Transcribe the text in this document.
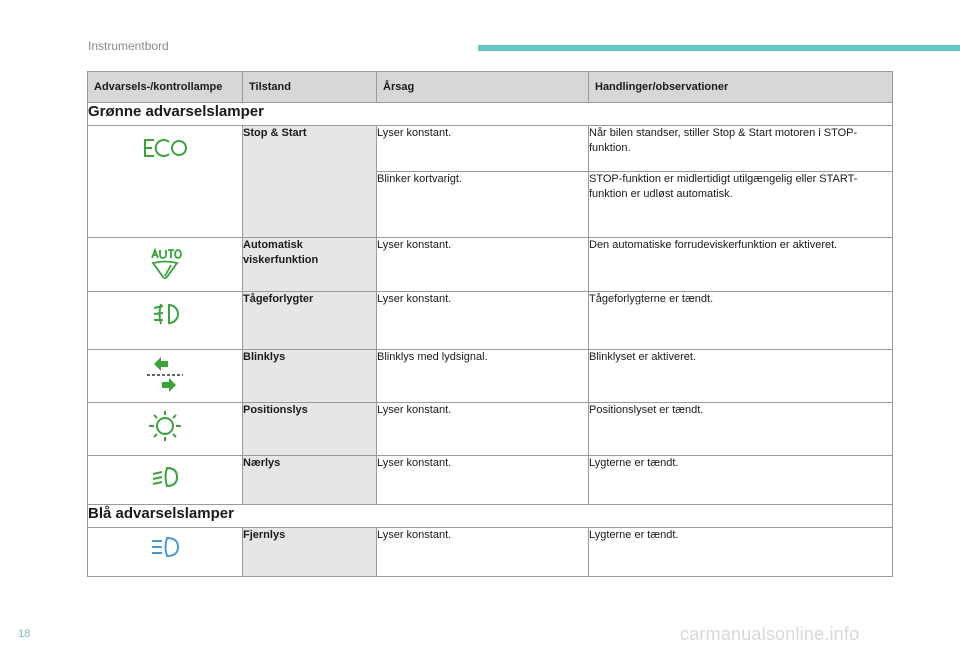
Instrumentbord
Advarsels-/kontrollampe	Tilstand	Årsag	Handlinger/observationer	
Grønne advarselslamper				
	Stop & Start	Lyser konstant.	Når bilen standser, stiller Stop & Start motoren i STOP-funktion.	
		Blinker kortvarigt.	STOP-funktion er midlertidigt utilgængelig eller START-funktion er udløst automatisk.	
	Automatisk viskerfunktion	Lyser konstant.	Den automatiske forrudeviskerfunktion er aktiveret.	
	Tågeforlygter	Lyser konstant.	Tågeforlygterne er tændt.	
	Blinklys	Blinklys med lydsignal.	Blinklyset er aktiveret.	
	Positionslys	Lyser konstant.	Positionslyset er tændt.	
	Nærlys	Lyser konstant.	Lygterne er tændt.	
Blå advarselslamper				
	Fjernlys	Lyser konstant.	Lygterne er tændt.	
18	carmanualsonline.info
